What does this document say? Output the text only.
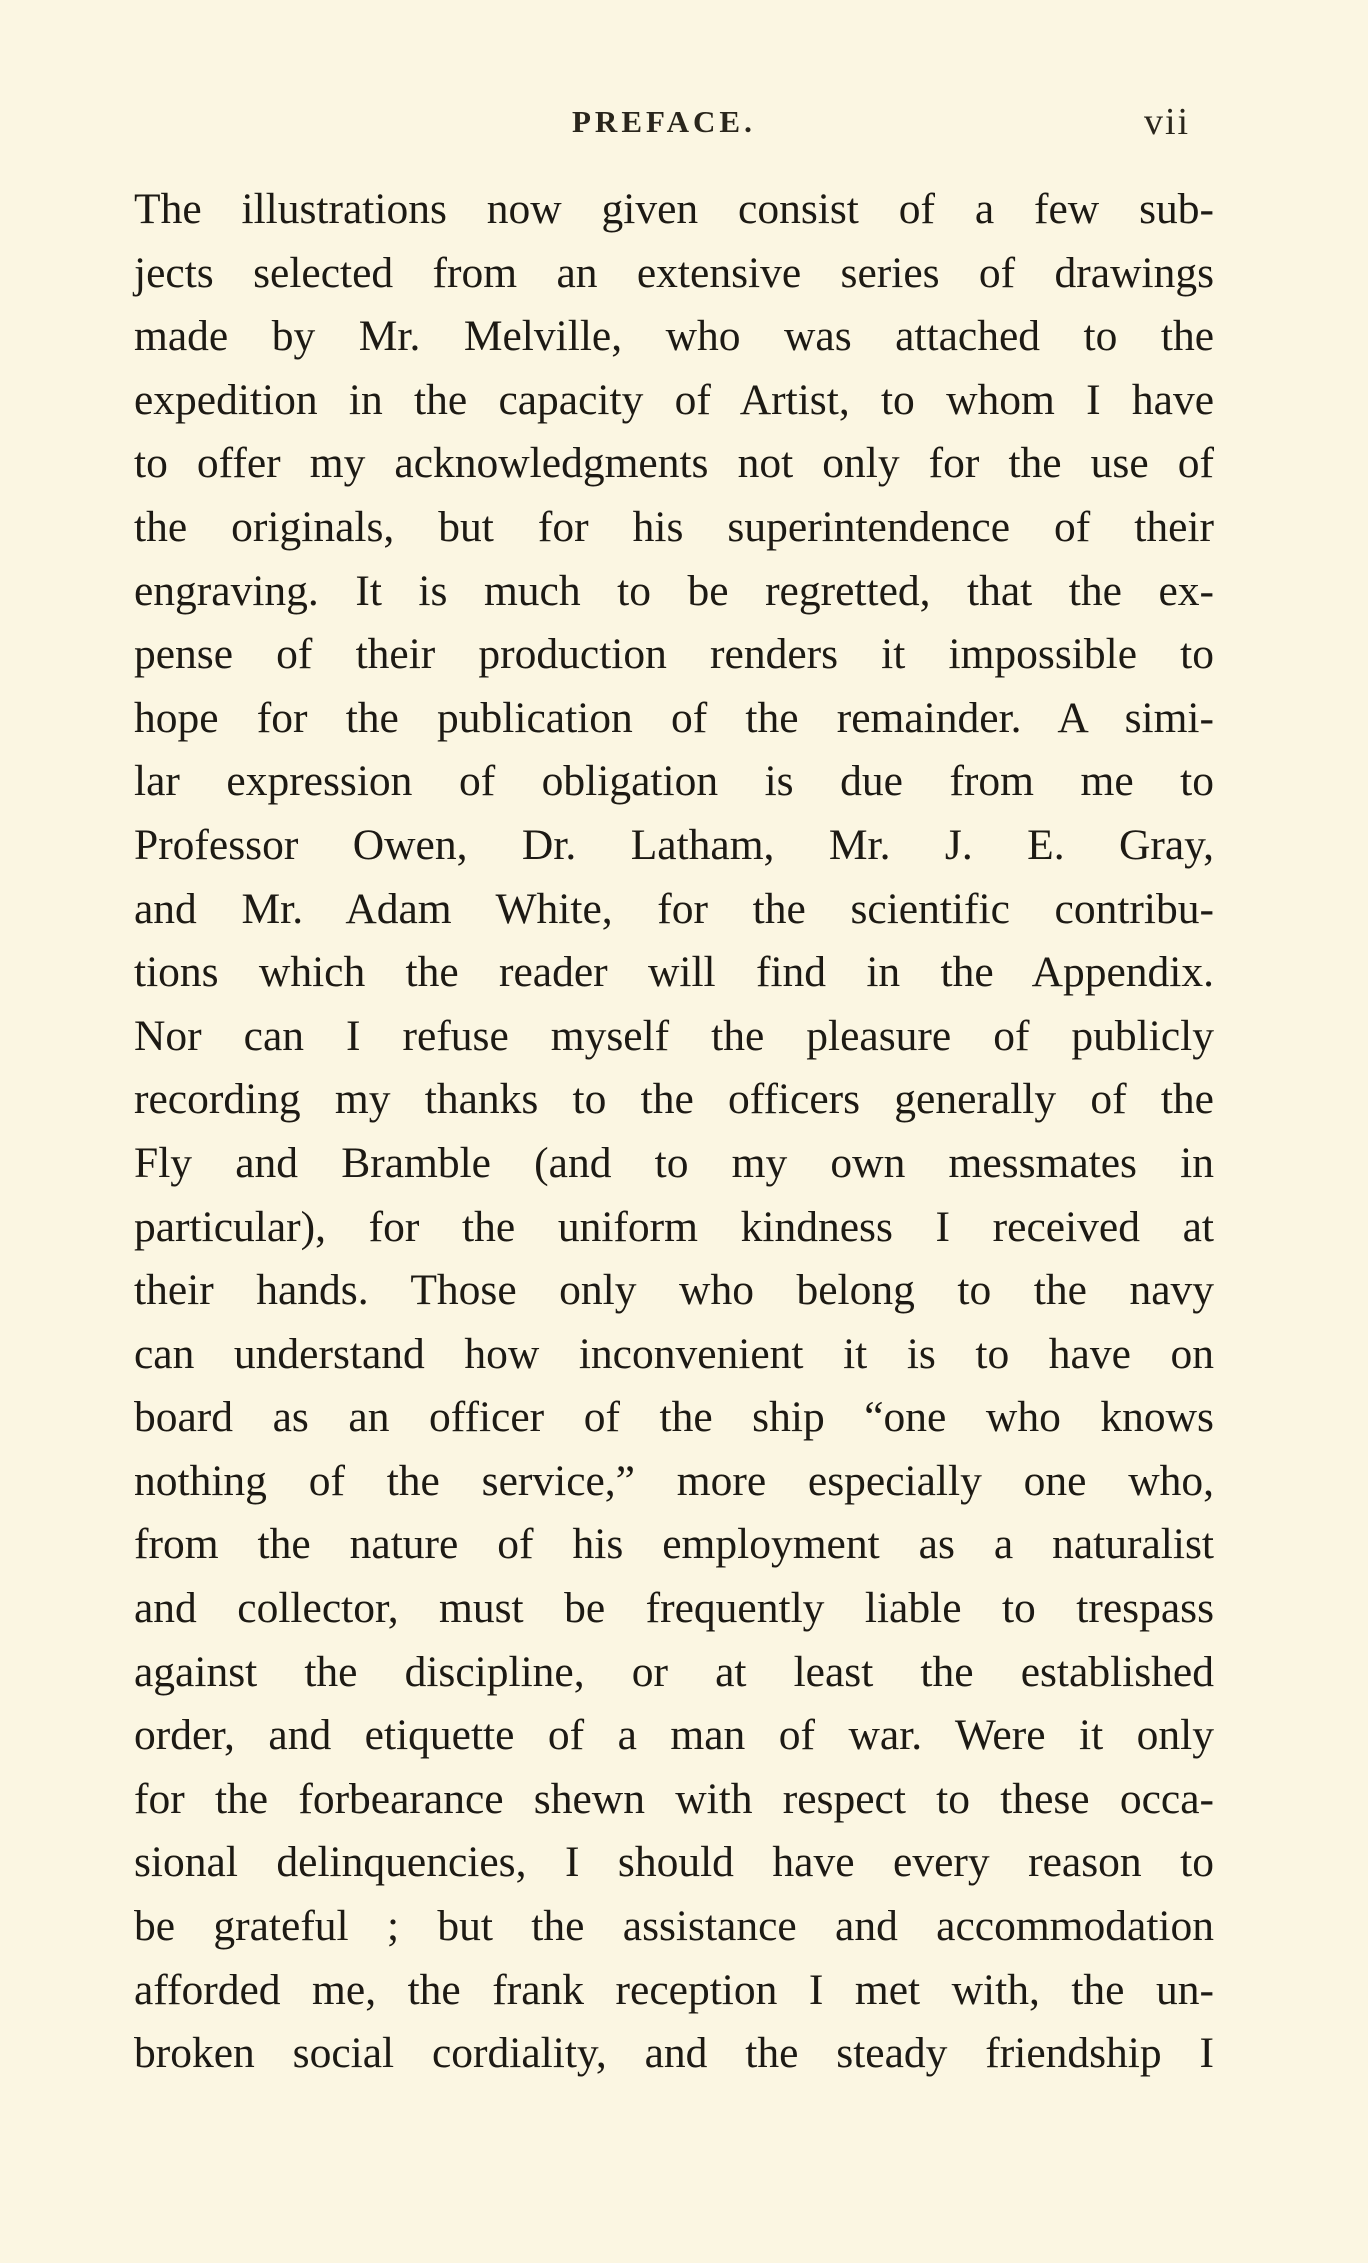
PREFACE.	vii
The illustrations now given consist of a few sub-
jects selected from an extensive series of drawings
made by Mr. Melville, who was attached to the
expedition in the capacity of Artist, to whom I have
to offer my acknowledgments not only for the use of
the originals, but for his superintendence of their
engraving. It is much to be regretted, that the ex-
pense of their production renders it impossible to
hope for the publication of the remainder. A simi-
lar expression of obligation is due from me to
Professor Owen, Dr. Latham, Mr. J. E. Gray,
and Mr. Adam White, for the scientific contribu-
tions which the reader will find in the Appendix.
Nor can I refuse myself the pleasure of publicly
recording my thanks to the officers generally of the
Fly and Bramble (and to my own messmates in
particular), for the uniform kindness I received at
their hands. Those only who belong to the navy
can understand how inconvenient it is to have on
board as an officer of the ship “one who knows
nothing of the service,” more especially one who,
from the nature of his employment as a naturalist
and collector, must be frequently liable to trespass
against the discipline, or at least the established
order, and etiquette of a man of war. Were it only
for the forbearance shewn with respect to these occa-
sional delinquencies, I should have every reason to
be grateful ; but the assistance and accommodation
afforded me, the frank reception I met with, the un-
broken social cordiality, and the steady friendship I
